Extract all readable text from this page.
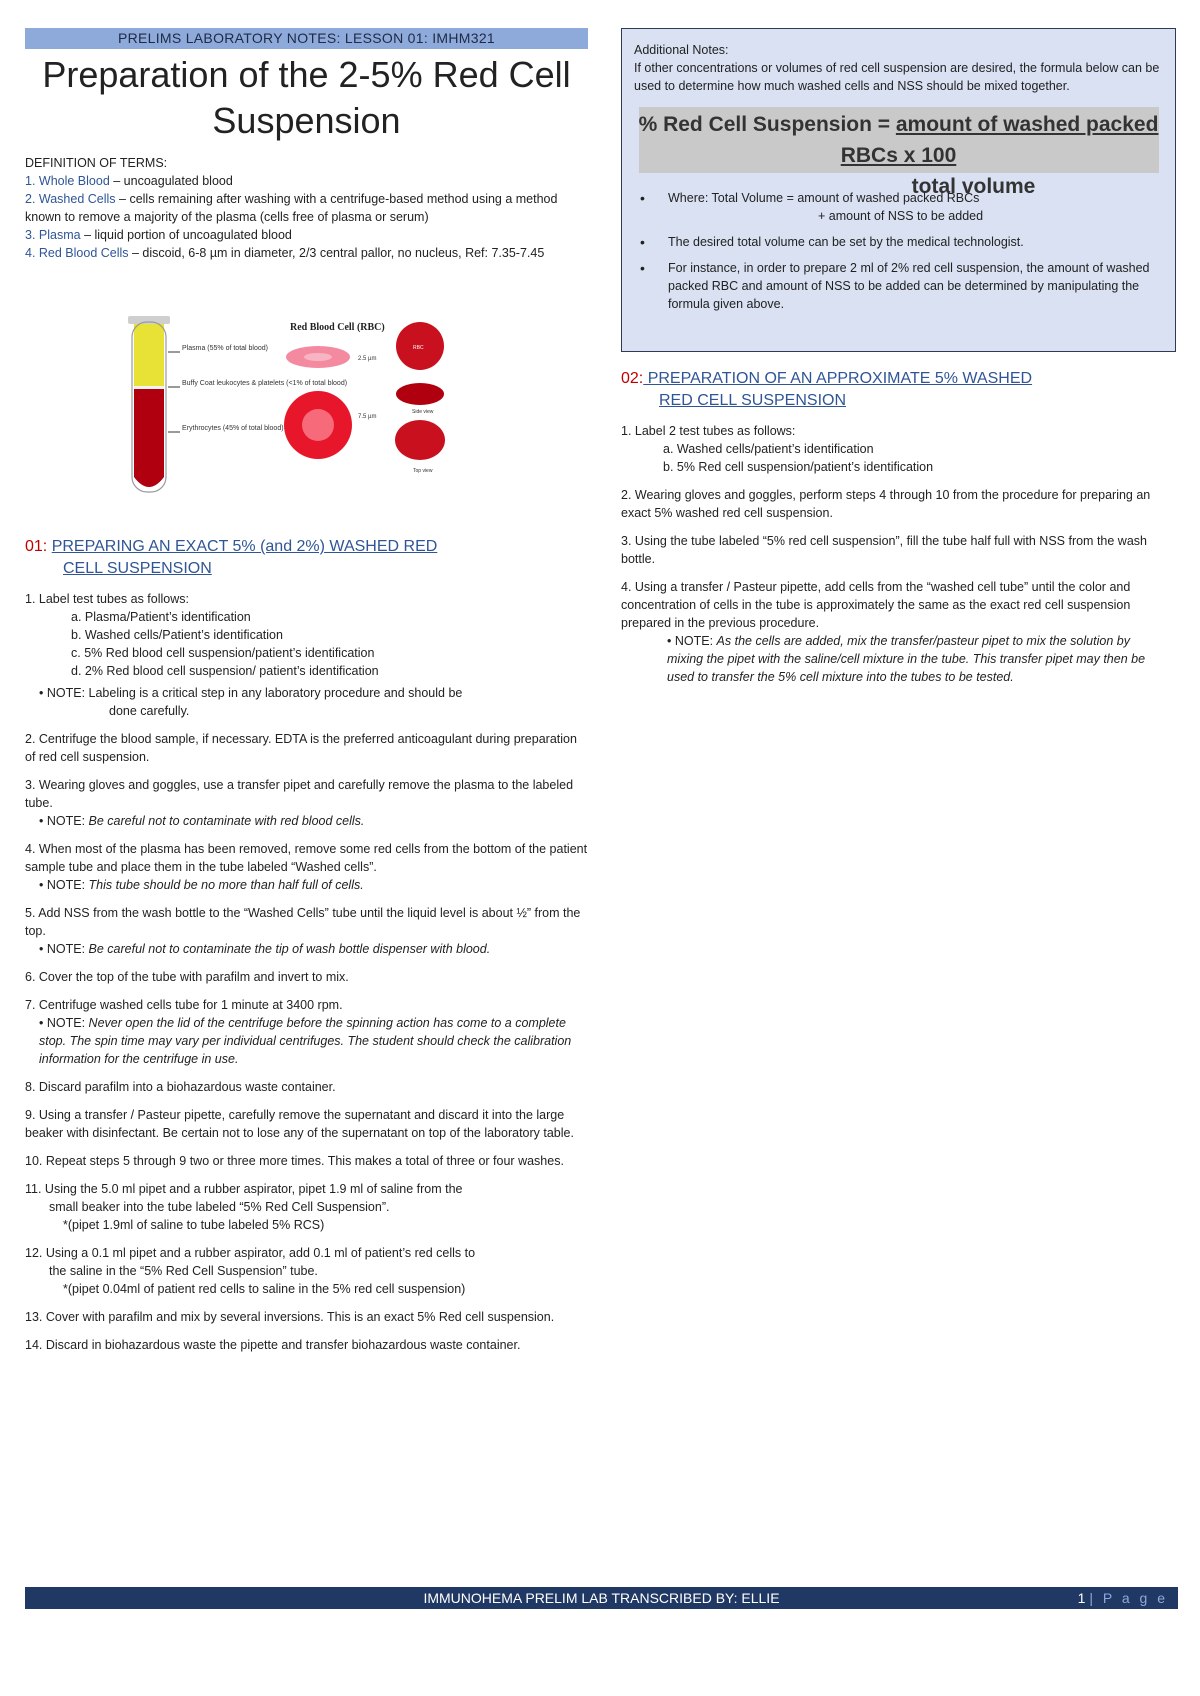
PRELIMS LABORATORY NOTES: LESSON 01: IMHM321
Preparation of the 2-5% Red Cell Suspension

DEFINITION OF TERMS:

1. Whole Blood – uncoagulated blood

2. Washed Cells – cells remaining after washing with a centrifuge-based method using a method known to remove a majority of the plasma (cells free of plasma or serum)

3. Plasma – liquid portion of uncoagulated blood

4. Red Blood Cells – discoid, 6-8 µm in diameter, 2/3 central pallor, no nucleus, Ref: 7.35-7.45

Plasma (55% of total blood)
Buffy Coat leukocytes & platelets (<1% of total blood)
Erythrocytes (45% of total blood)
Red Blood Cell (RBC)
2.5 µm
7.5 µm
RBC
Side view
Top view

01: PREPARING AN EXACT 5% (and 2%) WASHED RED

CELL SUSPENSION

1. Label test tubes as follows:

a. Plasma/Patient’s identification

b. Washed cells/Patient’s identification

c. 5% Red blood cell suspension/patient’s identification

d. 2% Red blood cell suspension/ patient’s identification

• NOTE: Labeling is a critical step in any laboratory procedure and should be

done carefully.

2. Centrifuge the blood sample, if necessary. EDTA is the preferred anticoagulant during preparation of red cell suspension.

3. Wearing gloves and goggles, use a transfer pipet and carefully remove the plasma to the labeled tube.

• NOTE: Be careful not to contaminate with red blood cells.

4. When most of the plasma has been removed, remove some red cells from the bottom of the patient sample tube and place them in the tube labeled “Washed cells”.

• NOTE: This tube should be no more than half full of cells.

5. Add NSS from the wash bottle to the “Washed Cells” tube until the liquid level is about ½” from the top.

• NOTE: Be careful not to contaminate the tip of wash bottle dispenser with blood.

6. Cover the top of the tube with parafilm and invert to mix.

7. Centrifuge washed cells tube for 1 minute at 3400 rpm.

• NOTE: Never open the lid of the centrifuge before the spinning action has come to a complete stop. The spin time may vary per individual centrifuges. The student should check the calibration information for the centrifuge in use.

8. Discard parafilm into a biohazardous waste container.

9. Using a transfer / Pasteur pipette, carefully remove the supernatant and discard it into the large beaker with disinfectant. Be certain not to lose any of the supernatant on top of the laboratory table.

10. Repeat steps 5 through 9 two or three more times. This makes a total of three or four washes.

11. Using the 5.0 ml pipet and a rubber aspirator, pipet 1.9 ml of saline from the

small beaker into the tube labeled “5% Red Cell Suspension”.

*(pipet 1.9ml of saline to tube labeled 5% RCS)

12. Using a 0.1 ml pipet and a rubber aspirator, add 0.1 ml of patient’s red cells to

the saline in the “5% Red Cell Suspension” tube.

*(pipet 0.04ml of patient red cells to saline in the 5% red cell suspension)

13. Cover with parafilm and mix by several inversions. This is an exact 5% Red cell suspension.

14. Discard in biohazardous waste the pipette and transfer biohazardous waste container.

Additional Notes:

If other concentrations or volumes of red cell suspension are desired, the formula below can be used to determine how much washed cells and NSS should be mixed together.

% Red Cell Suspension = amount of washed packed RBCs x 100
total volume

• Where: Total Volume = amount of washed packed RBCs

+ amount of NSS to be added

• The desired total volume can be set by the medical technologist.

• For instance, in order to prepare 2 ml of 2% red cell suspension, the amount of washed packed RBC and amount of NSS to be added can be determined by manipulating the formula given above.

02: PREPARATION OF AN APPROXIMATE 5% WASHED

RED CELL SUSPENSION

1. Label 2 test tubes as follows:

a. Washed cells/patient’s identification

b. 5% Red cell suspension/patient’s identification

2. Wearing gloves and goggles, perform steps 4 through 10 from the procedure for preparing an exact 5% washed red cell suspension.

3. Using the tube labeled “5% red cell suspension”, fill the tube half full with NSS from the wash bottle.

4. Using a transfer / Pasteur pipette, add cells from the “washed cell tube” until the color and concentration of cells in the tube is approximately the same as the exact red cell suspension prepared in the previous procedure.

• NOTE: As the cells are added, mix the transfer/pasteur pipet to mix the solution by mixing the pipet with the saline/cell mixture in the tube. This transfer pipet may then be used to transfer the 5% cell mixture into the tubes to be tested.

IMMUNOHEMA PRELIM LAB TRANSCRIBED BY: ELLIE	1 | P a g e
